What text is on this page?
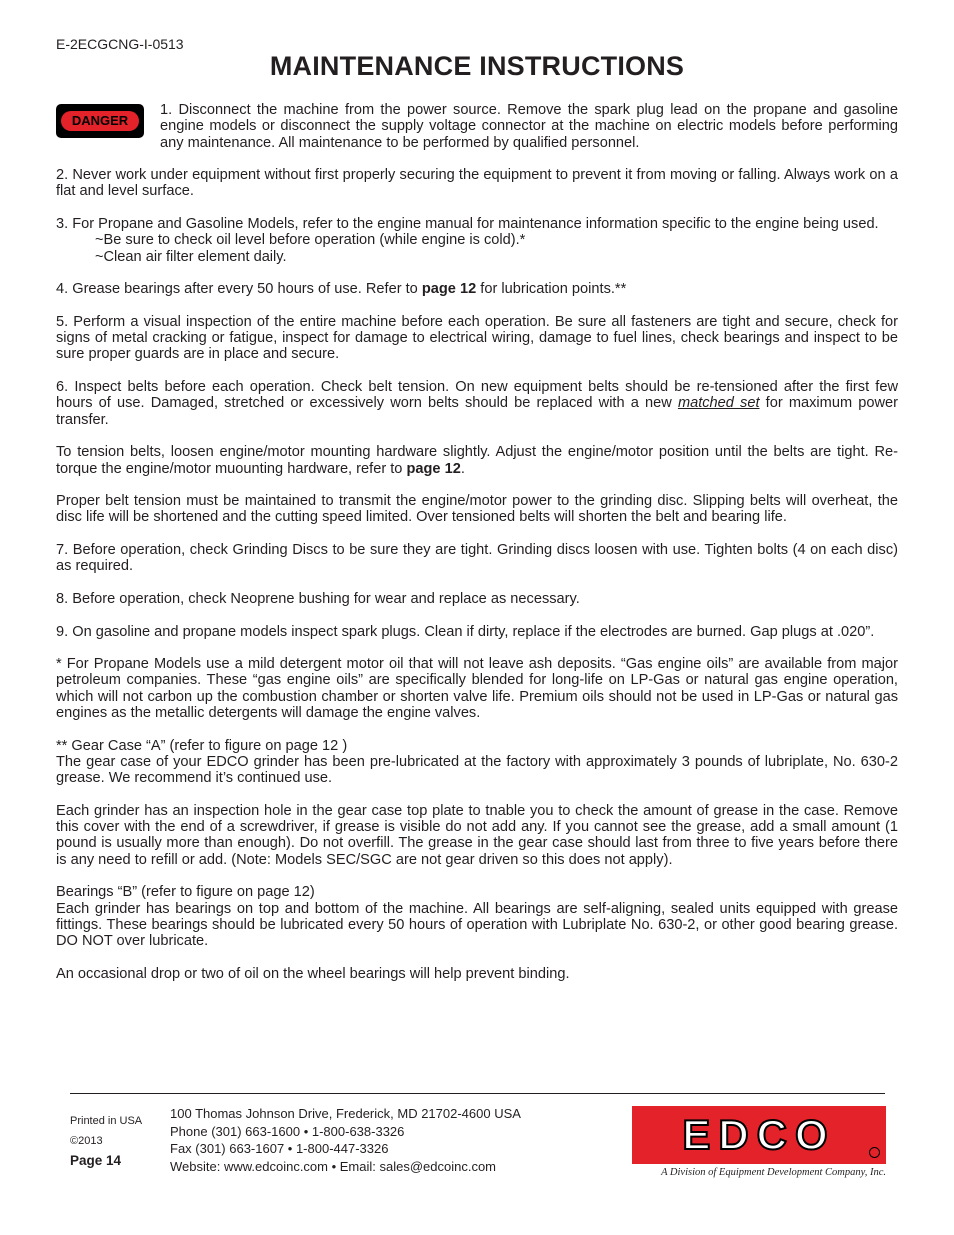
E-2ECGCNG-I-0513
MAINTENANCE INSTRUCTIONS
DANGER
1. Disconnect the machine from the power source. Remove the spark plug lead on the propane and gasoline engine models or disconnect the supply voltage connector at the machine on electric models before performing any maintenance. All maintenance to be performed by qualified personnel.

2. Never work under equipment without first properly securing the equipment to prevent it from moving or falling. Always work on a flat and level surface.

3. For Propane and Gasoline Models, refer to the engine manual for maintenance information specific to the engine being used.

~Be sure to check oil level before operation (while engine is cold).*
~Clean air filter element daily.

4. Grease bearings after every 50 hours of use. Refer to page 12 for lubrication points.**

5. Perform a visual inspection of the entire machine before each operation. Be sure all fasteners are tight and secure, check for signs of metal cracking or fatigue, inspect for damage to electrical wiring, damage to fuel lines, check bearings and inspect to be sure proper guards are in place and secure.

6. Inspect belts before each operation. Check belt tension. On new equipment belts should be re-tensioned after the first few hours of use. Damaged, stretched or excessively worn belts should be replaced with a new matched set for maximum power transfer.

To tension belts, loosen engine/motor mounting hardware slightly. Adjust the engine/motor position until the belts are tight. Re-torque the engine/motor muounting hardware, refer to page 12.

Proper belt tension must be maintained to transmit the engine/motor power to the grinding disc. Slipping belts will overheat, the disc life will be shortened and the cutting speed limited. Over tensioned belts will shorten the belt and bearing life.

7. Before operation, check Grinding Discs to be sure they are tight. Grinding discs loosen with use. Tighten bolts (4 on each disc) as required.

8. Before operation, check Neoprene bushing for wear and replace as necessary.

9. On gasoline and propane models inspect spark plugs. Clean if dirty, replace if the electrodes are burned. Gap plugs at .020”.

* For Propane Models use a mild detergent motor oil that will not leave ash deposits. “Gas engine oils” are available from major petroleum companies. These “gas engine oils” are specifically blended for long-life on LP-Gas or natural gas engine operation, which will not carbon up the combustion chamber or shorten valve life. Premium oils should not be used in LP-Gas or natural gas engines as the metallic detergents will damage the engine valves.

** Gear Case “A” (refer to figure on page 12 )
The gear case of your EDCO grinder has been pre-lubricated at the factory with approximately 3 pounds of lubriplate, No. 630-2 grease. We recommend it’s continued use.

Each grinder has an inspection hole in the gear case top plate to tnable you to check the amount of grease in the case. Remove this cover with the end of a screwdriver, if grease is visible do not add any. If you cannot see the grease, add a small amount (1 pound is usually more than enough). Do not overfill. The grease in the gear case should last from three to five years before there is any need to refill or add. (Note: Models SEC/SGC are not gear driven so this does not apply).

Bearings “B” (refer to figure on page 12)
Each grinder has bearings on top and bottom of the machine. All bearings are self-aligning, sealed units equipped with grease fittings. These bearings should be lubricated every 50 hours of operation with Lubriplate No. 630-2, or other good bearing grease. DO NOT over lubricate.

An occasional drop or two of oil on the wheel bearings will help prevent binding.

Printed in USA
©2013
Page 14
100 Thomas Johnson Drive, Frederick, MD 21702-4600 USA
Phone (301) 663-1600 • 1-800-638-3326
Fax (301) 663-1607 • 1-800-447-3326
Website: www.edcoinc.com • Email: sales@edcoinc.com
EDCO
A Division of Equipment Development Company, Inc.
